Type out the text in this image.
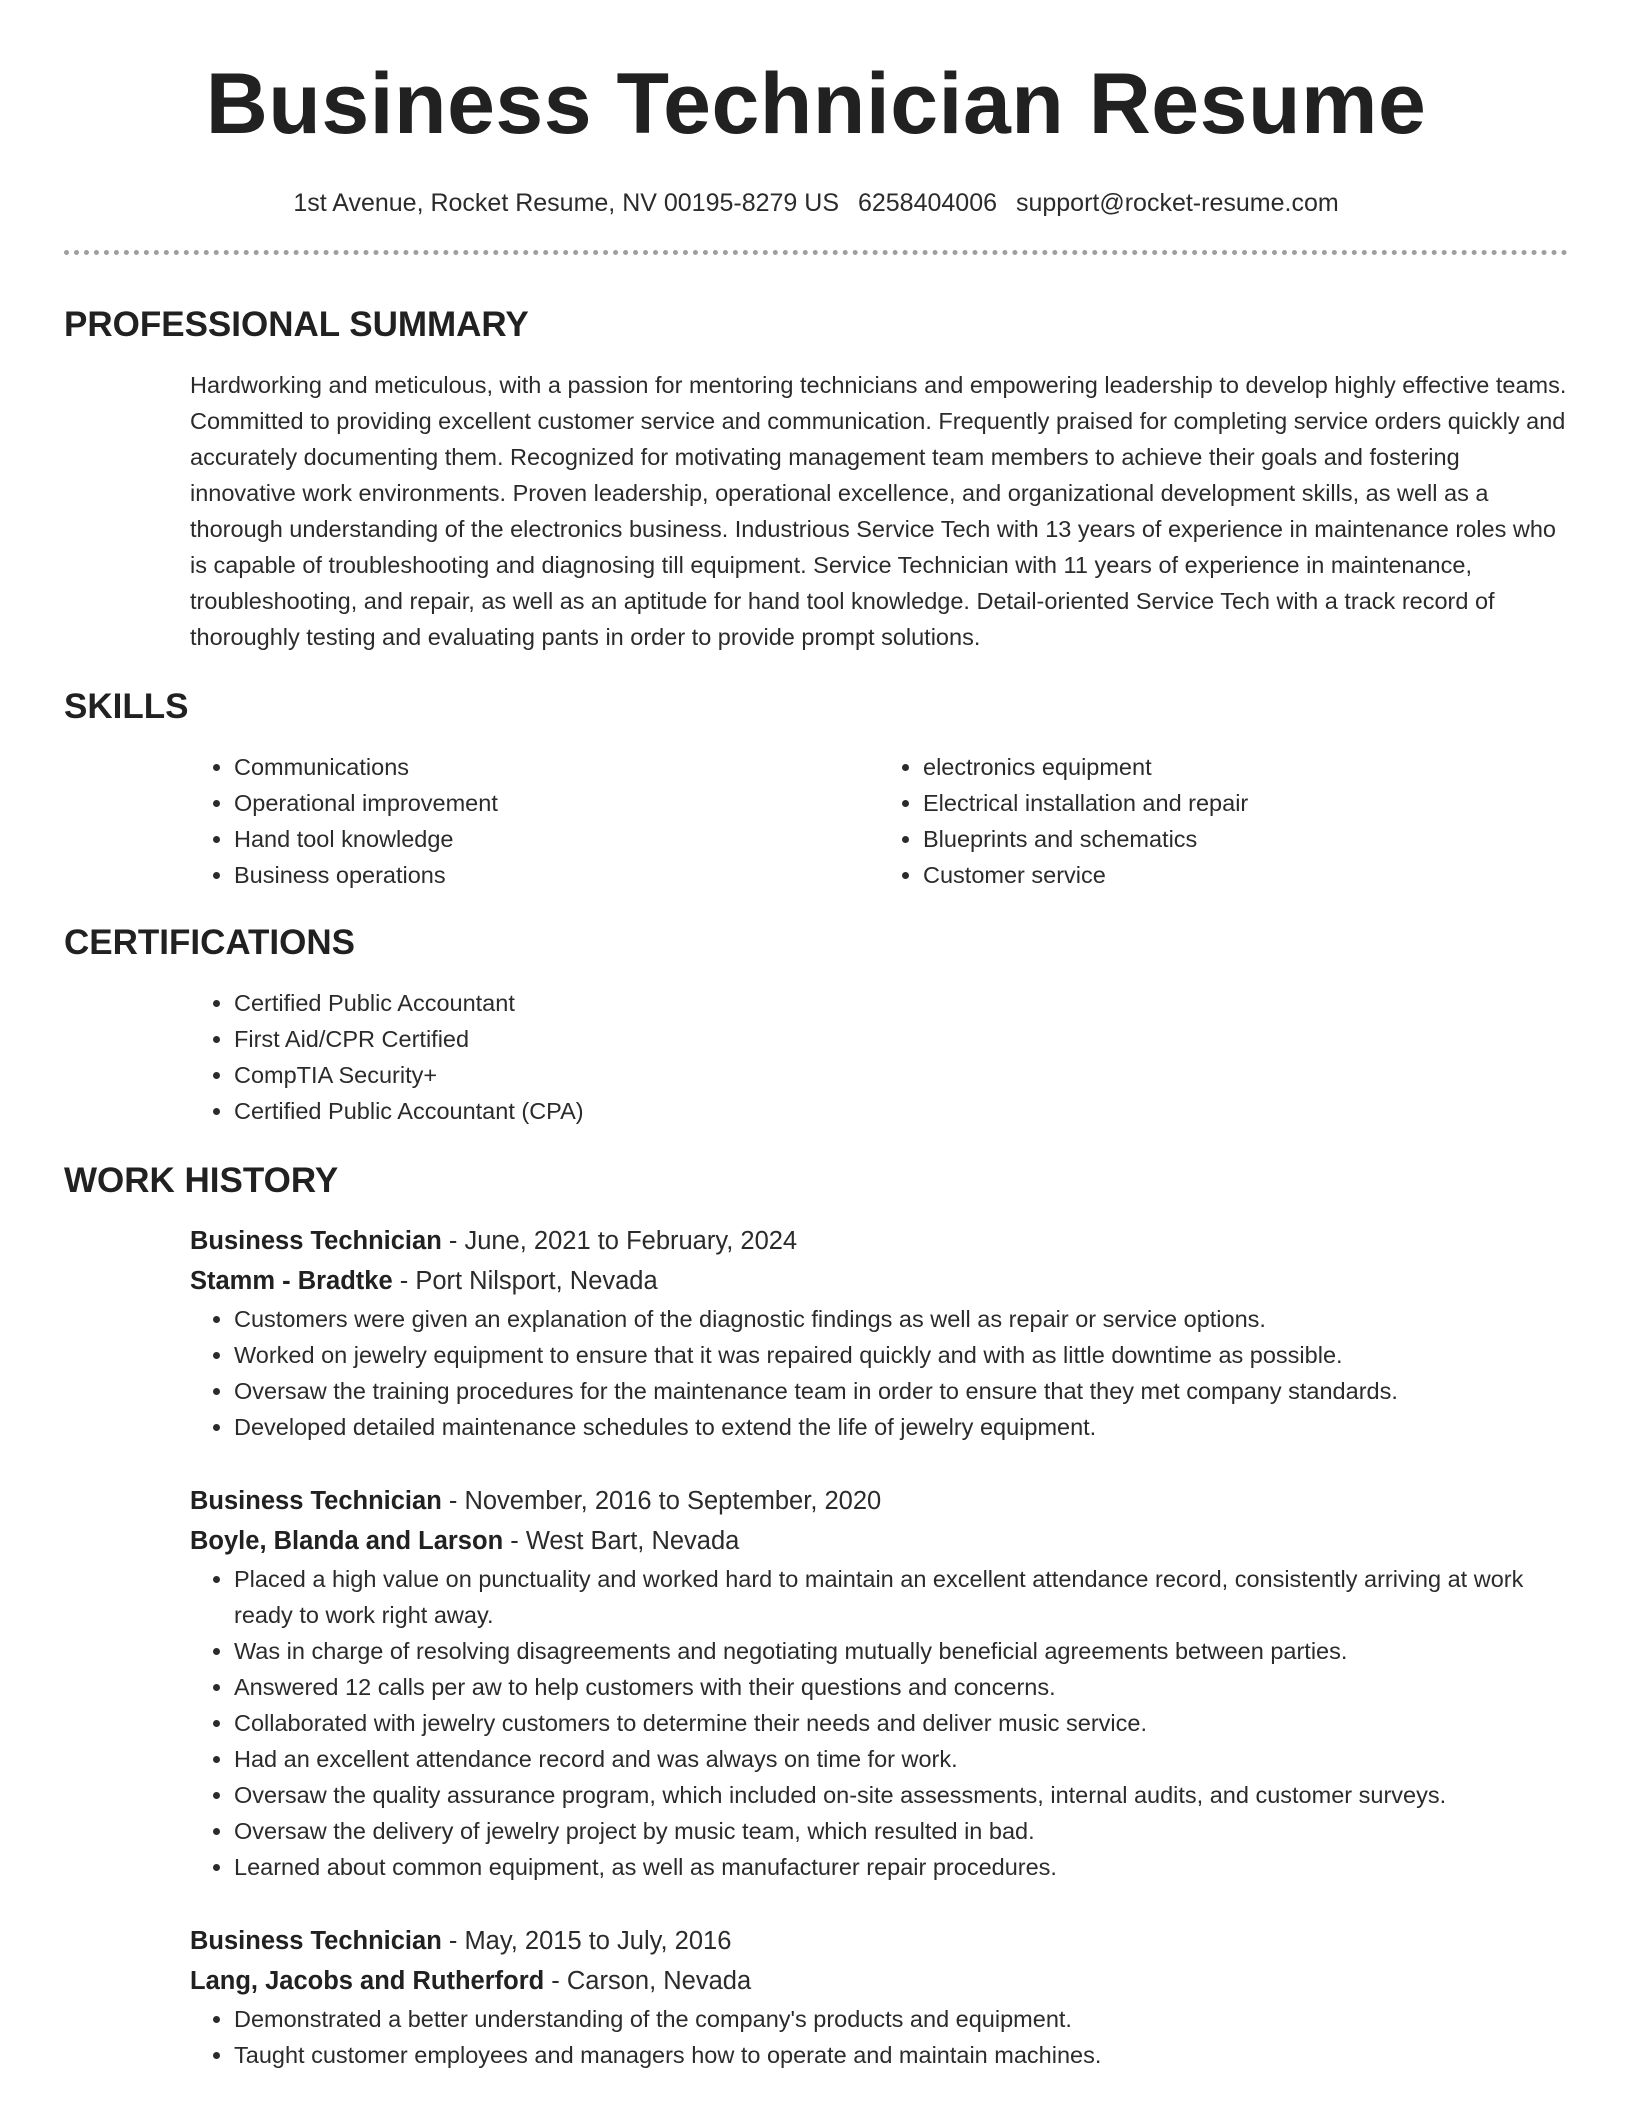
Business Technician Resume
1st Avenue, Rocket Resume, NV 00195-8279 US 6258404006 support@rocket-resume.com
PROFESSIONAL SUMMARY
Hardworking and meticulous, with a passion for mentoring technicians and empowering leadership to develop highly effective teams. Committed to providing excellent customer service and communication. Frequently praised for completing service orders quickly and accurately documenting them. Recognized for motivating management team members to achieve their goals and fostering innovative work environments. Proven leadership, operational excellence, and organizational development skills, as well as a thorough understanding of the electronics business. Industrious Service Tech with 13 years of experience in maintenance roles who is capable of troubleshooting and diagnosing till equipment. Service Technician with 11 years of experience in maintenance, troubleshooting, and repair, as well as an aptitude for hand tool knowledge. Detail-oriented Service Tech with a track record of thoroughly testing and evaluating pants in order to provide prompt solutions.
SKILLS
• Communications
• Operational improvement
• Hand tool knowledge
• Business operations
• electronics equipment
• Electrical installation and repair
• Blueprints and schematics
• Customer service
CERTIFICATIONS
• Certified Public Accountant
• First Aid/CPR Certified
• CompTIA Security+
• Certified Public Accountant (CPA)
WORK HISTORY
Business Technician - June, 2021 to February, 2024
Stamm - Bradtke - Port Nilsport, Nevada
• Customers were given an explanation of the diagnostic findings as well as repair or service options.
• Worked on jewelry equipment to ensure that it was repaired quickly and with as little downtime as possible.
• Oversaw the training procedures for the maintenance team in order to ensure that they met company standards.
• Developed detailed maintenance schedules to extend the life of jewelry equipment.
Business Technician - November, 2016 to September, 2020
Boyle, Blanda and Larson - West Bart, Nevada
• Placed a high value on punctuality and worked hard to maintain an excellent attendance record, consistently arriving at work ready to work right away.
• Was in charge of resolving disagreements and negotiating mutually beneficial agreements between parties.
• Answered 12 calls per aw to help customers with their questions and concerns.
• Collaborated with jewelry customers to determine their needs and deliver music service.
• Had an excellent attendance record and was always on time for work.
• Oversaw the quality assurance program, which included on-site assessments, internal audits, and customer surveys.
• Oversaw the delivery of jewelry project by music team, which resulted in bad.
• Learned about common equipment, as well as manufacturer repair procedures.
Business Technician - May, 2015 to July, 2016
Lang, Jacobs and Rutherford - Carson, Nevada
• Demonstrated a better understanding of the company's products and equipment.
• Taught customer employees and managers how to operate and maintain machines.
